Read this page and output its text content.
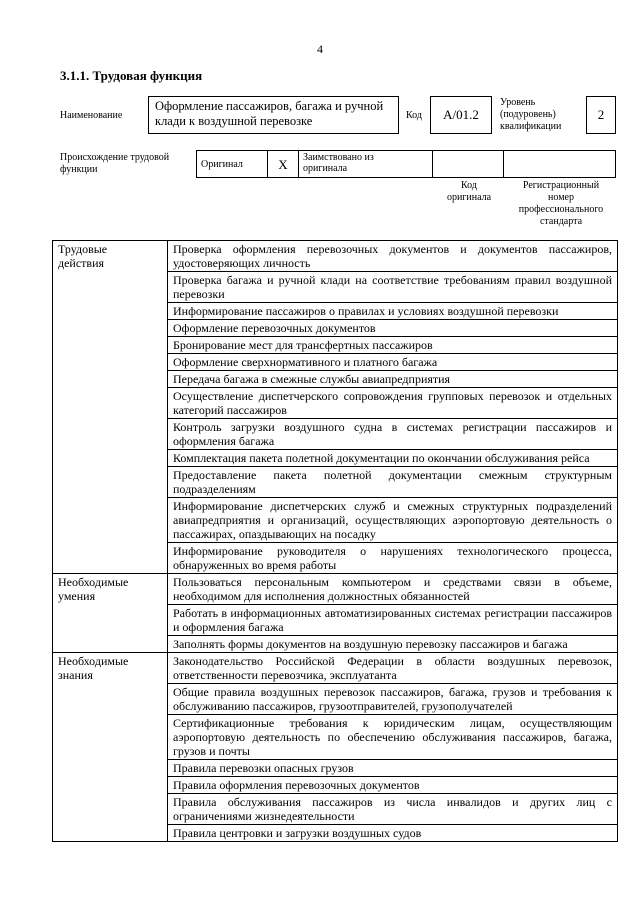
4
3.1.1. Трудовая функция
Наименование
Оформление пассажиров, багажа и ручной клади к воздушной перевозке	Код	A/01.2
Уровень
(подуровень)
квалификации
2
Происхождение трудовой
функции	Оригинал	X	Заимствовано из
оригинала

Код
оригинала
Регистрационный
номер
профессионального
стандарта
Трудовые
действия	Проверка оформления перевозочных документов и документов пассажиров, удостоверяющих личность
	Проверка багажа и ручной клади на соответствие требованиям правил воздушной перевозки
	Информирование пассажиров о правилах и условиях воздушной перевозки
	Оформление перевозочных документов
	Бронирование мест для трансфертных пассажиров
	Оформление сверхнормативного и платного багажа
	Передача багажа в смежные службы авиапредприятия
	Осуществление диспетчерского сопровождения групповых перевозок и отдельных категорий пассажиров
	Контроль загрузки воздушного судна в системах регистрации пассажиров и оформления багажа
	Комплектация пакета полетной документации по окончании обслуживания рейса
	Предоставление пакета полетной документации смежным структурным подразделениям
	Информирование диспетчерских служб и смежных структурных подразделений авиапредприятия и организаций, осуществляющих аэропортовую деятельность о пассажирах, опаздывающих на посадку
	Информирование руководителя о нарушениях технологического процесса, обнаруженных во время работы

Необходимые
умения	Пользоваться персональным компьютером и средствами связи в объеме, необходимом для исполнения должностных обязанностей
	Работать в информационных автоматизированных системах регистрации пассажиров и оформления багажа
	Заполнять формы документов на воздушную перевозку пассажиров и багажа

Необходимые
знания	Законодательство Российской Федерации в области воздушных перевозок, ответственности перевозчика, эксплуатанта
	Общие правила воздушных перевозок пассажиров, багажа, грузов и требования к обслуживанию пассажиров, грузоотправителей, грузополучателей
	Сертификационные требования к юридическим лицам, осуществляющим аэропортовую деятельность по обеспечению обслуживания пассажиров, багажа, грузов и почты
	Правила перевозки опасных грузов
	Правила оформления перевозочных документов
	Правила обслуживания пассажиров из числа инвалидов и других лиц с ограничениями жизнедеятельности
	Правила центровки и загрузки воздушных судов
